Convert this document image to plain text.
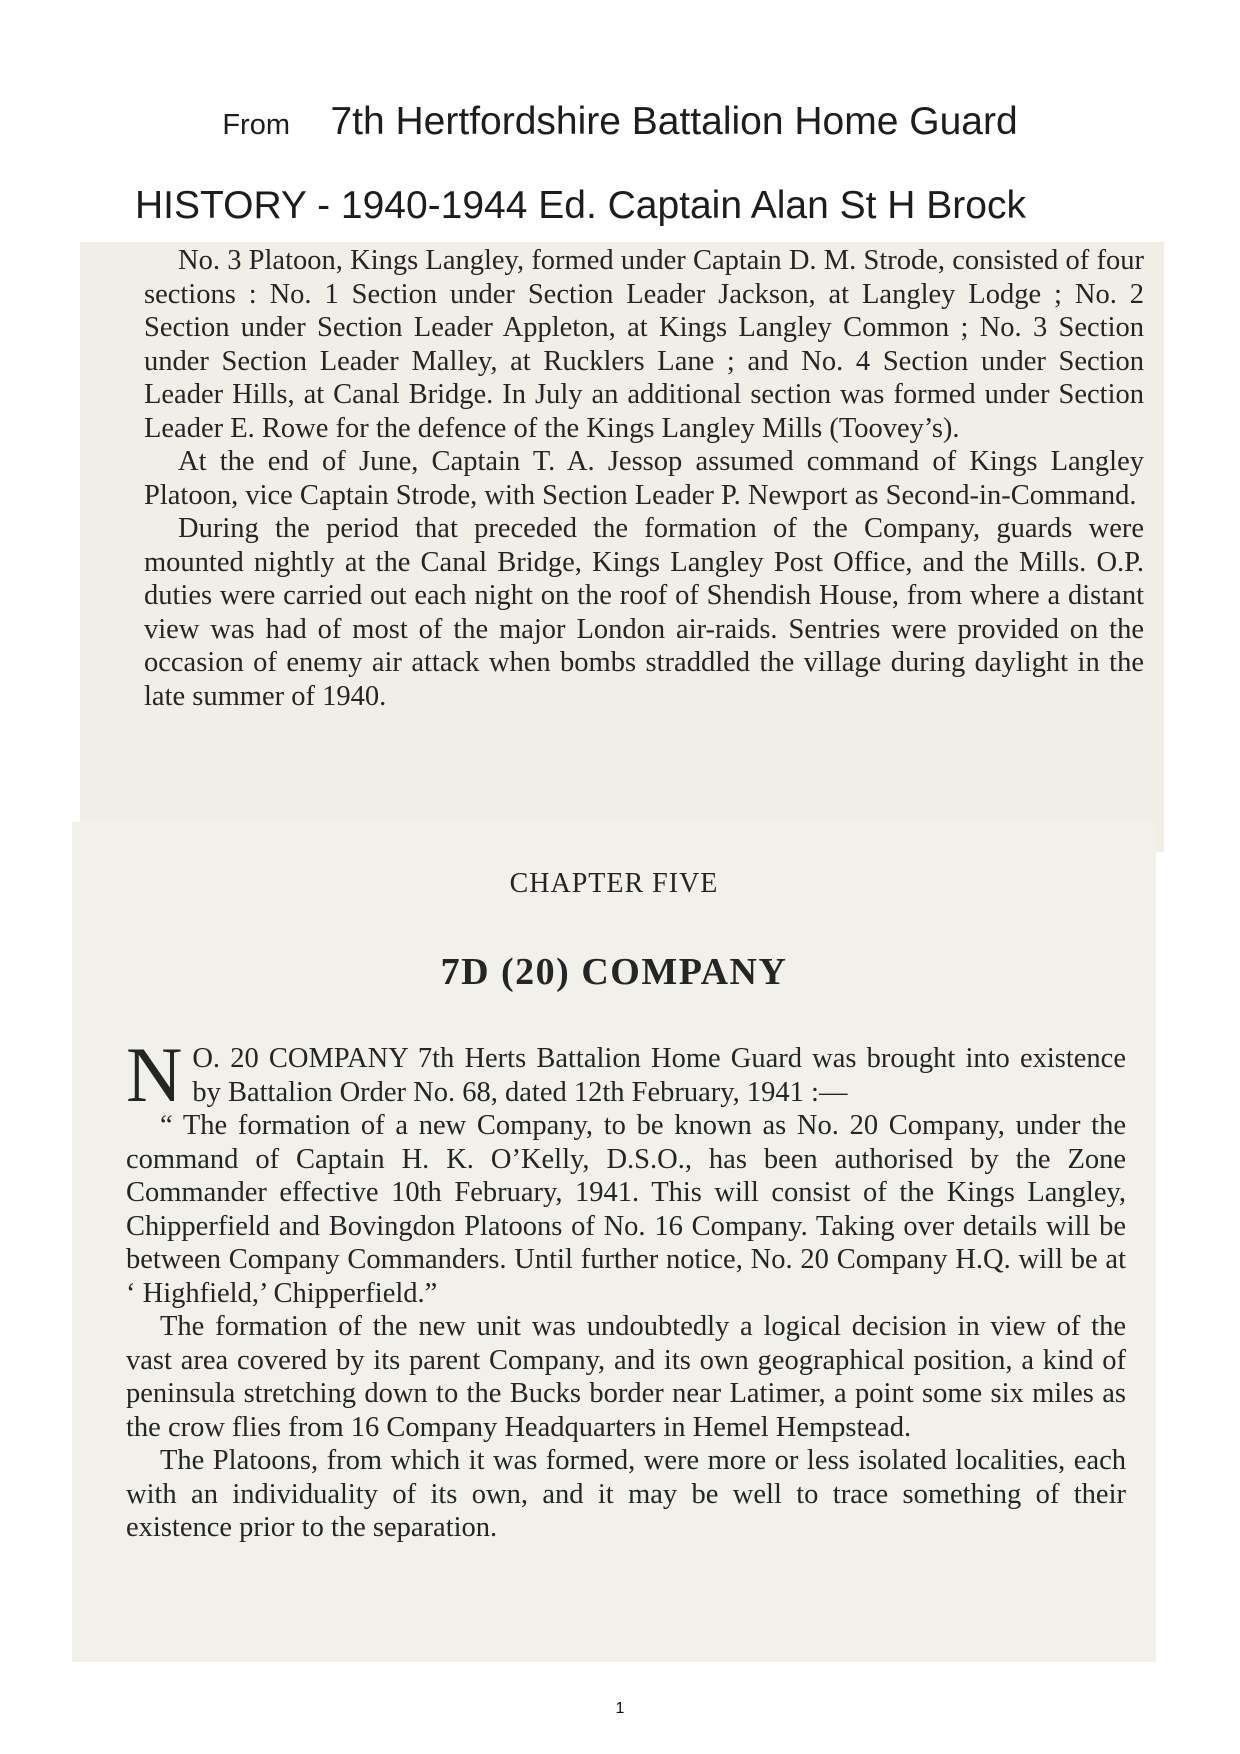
From 7th Hertfordshire Battalion Home Guard
HISTORY - 1940-1944 Ed. Captain Alan St H Brock

No. 3 Platoon, Kings Langley, formed under Captain D. M. Strode, consisted of four sections : No. 1 Section under Section Leader Jackson, at Langley Lodge ; No. 2 Section under Section Leader Appleton, at Kings Langley Common ; No. 3 Section under Section Leader Malley, at Rucklers Lane ; and No. 4 Section under Section Leader Hills, at Canal Bridge. In July an additional section was formed under Section Leader E. Rowe for the defence of the Kings Langley Mills (Toovey’s).

At the end of June, Captain T. A. Jessop assumed command of Kings Langley Platoon, vice Captain Strode, with Section Leader P. Newport as Second-in-Command.

During the period that preceded the formation of the Company, guards were mounted nightly at the Canal Bridge, Kings Langley Post Office, and the Mills. O.P. duties were carried out each night on the roof of Shendish House, from where a distant view was had of most of the major London air-raids. Sentries were provided on the occasion of enemy air attack when bombs straddled the village during daylight in the late summer of 1940.

CHAPTER FIVE
7D (20) COMPANY

N O. 20 COMPANY 7th Herts Battalion Home Guard was brought into existence by Battalion Order No. 68, dated 12th February, 1941 :—

“ The formation of a new Company, to be known as No. 20 Company, under the command of Captain H. K. O’Kelly, D.S.O., has been authorised by the Zone Commander effective 10th February, 1941. This will consist of the Kings Langley, Chipperfield and Bovingdon Platoons of No. 16 Company. Taking over details will be between Company Commanders. Until further notice, No. 20 Company H.Q. will be at ‘ Highfield,’ Chipperfield.”

The formation of the new unit was undoubtedly a logical decision in view of the vast area covered by its parent Company, and its own geographical position, a kind of peninsula stretching down to the Bucks border near Latimer, a point some six miles as the crow flies from 16 Company Headquarters in Hemel Hempstead.

The Platoons, from which it was formed, were more or less isolated localities, each with an individuality of its own, and it may be well to trace something of their existence prior to the separation.

1
